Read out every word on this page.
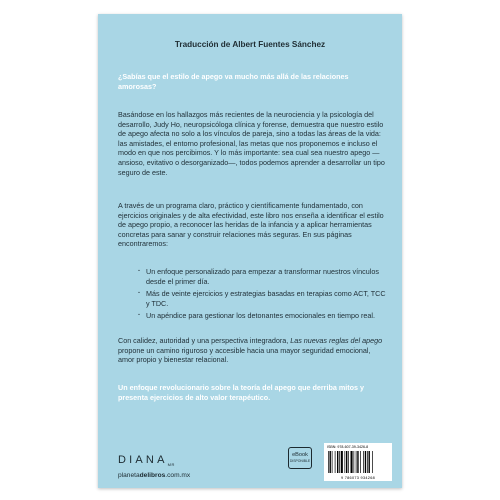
Traducción de Albert Fuentes Sánchez
¿Sabías que el estilo de apego va mucho más allá de las relaciones amorosas?
Basándose en los hallazgos más recientes de la neurociencia y la psicología del desarrollo, Judy Ho, neuropsicóloga clínica y forense, demuestra que nuestro estilo de apego afecta no solo a los vínculos de pareja, sino a todas las áreas de la vida: las amistades, el entorno profesional, las metas que nos proponemos e incluso el modo en que nos percibimos. Y lo más importante: sea cual sea nuestro apego —ansioso, evitativo o desorganizado—, todos podemos aprender a desarrollar un tipo seguro de este.
A través de un programa claro, práctico y científicamente fundamentado, con ejercicios originales y de alta efectividad, este libro nos enseña a identificar el estilo de apego propio, a reconocer las heridas de la infancia y a aplicar herramientas concretas para sanar y construir relaciones más seguras. En sus páginas encontraremos:
· Un enfoque personalizado para empezar a transformar nuestros vínculos desde el primer día.
· Más de veinte ejercicios y estrategias basadas en terapias como ACT, TCC y TDC.
· Un apéndice para gestionar los detonantes emocionales en tiempo real.
Con calidez, autoridad y una perspectiva integradora, Las nuevas reglas del apego propone un camino riguroso y accesible hacia una mayor seguridad emocional, amor propio y bienestar relacional.
Un enfoque revolucionario sobre la teoría del apego que derriba mitos y presenta ejercicios de alto valor terapéutico.
$DIANA_{MR}$
planetadelibros.com.mx
eBook
DISPONIBLE
ISBN: 978-607-39-3426-8
9 786073 934268
